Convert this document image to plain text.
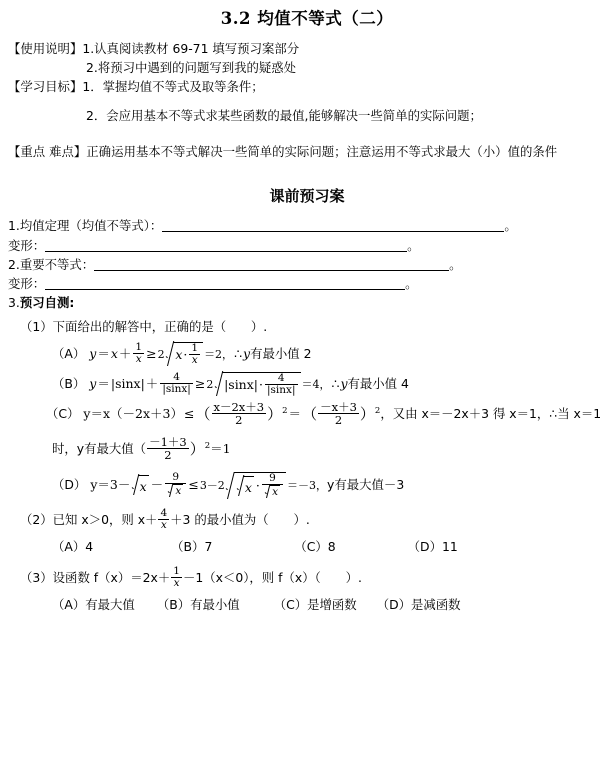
3.2 均值不等式（二）
【使用说明】1.认真阅读教材 69-71 填写预习案部分
2.将预习中遇到的问题写到我的疑惑处
【学习目标】1．掌握均值不等式及取等条件；
2．会应用基本不等式求某些函数的最值,能够解决一些简单的实际问题；
【重点 难点】正确运用基本不等式解决一些简单的实际问题；注意运用不等式求最大（小）值的条件
课前预习案
1.均值定理（均值不等式）：	。
变形：	。
2.重要不等式：	。
变形：	。
3.预习自测:
（1）下面给出的解答中，正确的是（　　）.
（A） $y=x+ \frac{1}{x} \ge 2$ $x\cdot \frac{1}{x} =2$，∴y有最小值 2
（B） $y=|\sin x|+ \frac{4}{|\sin x|} \ge 2$ $|\sin x|\cdot \frac{4}{|\sin x|} =4$，∴y有最小值 4
（C） $y=x(-2x+3)\le( \frac{x-2x+3}{2} )^2=( \frac{-x+3}{2} )^2$，又由 x＝－2x＋3 得 x＝1，∴当 x＝1
时，y有最大值（ $\frac{-1+3}{2} )^2=1$
（D） $y=3- x - \frac{9}{x} \le 3-2$ $x \cdot \frac{9}{x} =-3$，y有最大值－3
（2）已知 x＞0，则 $x+ \frac{4}{x} +3$ 的最小值为（　　）.
（A）4	（B）7	（C）8	（D）11
（3）设函数 $f(x)=2x+ \frac{1}{x} -1(x<0)$，则 f（x）（　　）.
（A）有最大值 （B）有最小值	（C）是增函数 （D）是减函数
